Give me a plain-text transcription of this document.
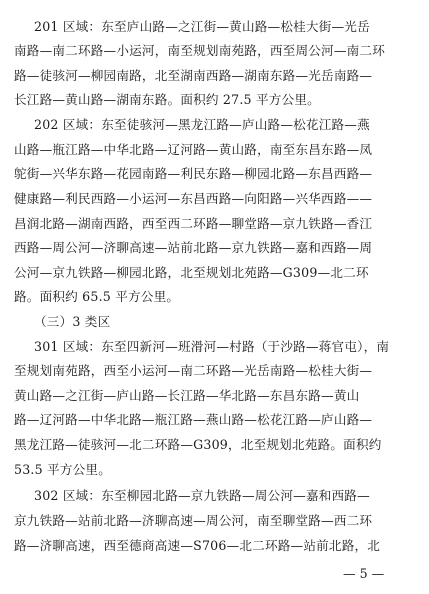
201 区域：东至庐山路—之江街—黄山路—松桂大街—光岳
南路—南二环路—小运河，南至规划南苑路，西至周公河—南二环
路—徒骇河—柳园南路，北至湖南西路—湖南东路—光岳南路—
长江路—黄山路—湖南东路。面积约 27.5 平方公里。
202 区域：东至徒骇河—黑龙江路—庐山路—松花江路—燕
山路—瓶江路—中华北路—辽河路—黄山路，南至东昌东路—凤
鸵街—兴华东路—花园南路—利民东路—柳园北路—东昌西路—
健康路—利民西路—小运河—东昌西路—向阳路—兴华西路——
昌润北路—湖南西路，西至西二环路—聊堂路—京九铁路—香江
西路—周公河—济聊高速—站前北路—京九铁路—嘉和西路—周
公河—京九铁路—柳园北路，北至规划北苑路—G309—北二环
路。面积约 65.5 平方公里。
（三）3 类区
301 区域：东至四新河—班滑河—村路（于沙路—蒋官屯），南
至规划南苑路，西至小运河—南二环路—光岳南路—松桂大街—
黄山路—之江街—庐山路—长江路—华北路—东昌东路—黄山
路—辽河路—中华北路—瓶江路—燕山路—松花江路—庐山路—
黑龙江路—徒骇河—北二环路—G309，北至规划北苑路。面积约
53.5 平方公里。
302 区域：东至柳园北路—京九铁路—周公河—嘉和西路—
京九铁路—站前北路—济聊高速—周公河，南至聊堂路—西二环
路—济聊高速，西至德商高速—S706—北二环路—站前北路，北
— 5 —
